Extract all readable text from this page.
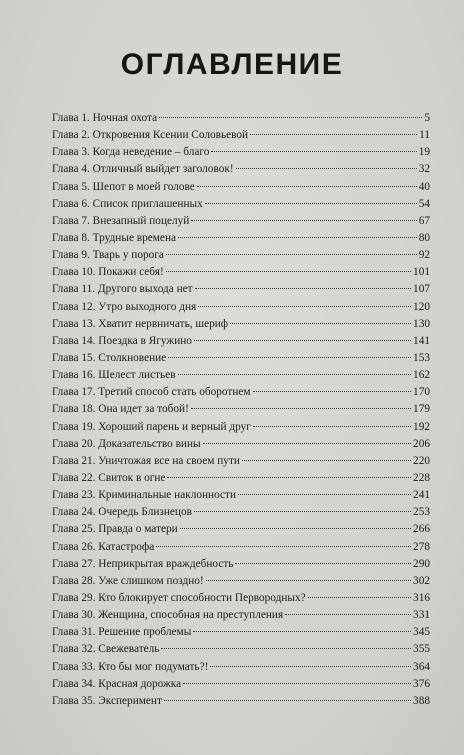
ОГЛАВЛЕНИЕ
Глава 1. Ночная охота	5
Глава 2. Откровения Ксении Соловьевой	11
Глава 3. Когда неведение – благо	19
Глава 4. Отличный выйдет заголовок!	32
Глава 5. Шепот в моей голове	40
Глава 6. Список приглашенных	54
Глава 7. Внезапный поцелуй	67
Глава 8. Трудные времена	80
Глава 9. Тварь у порога	92
Глава 10. Покажи себя!	101
Глава 11. Другого выхода нет	107
Глава 12. Утро выходного дня	120
Глава 13. Хватит нервничать, шериф	130
Глава 14. Поездка в Ягужино	141
Глава 15. Столкновение	153
Глава 16. Шелест листьев	162
Глава 17. Третий способ стать оборотнем	170
Глава 18. Она идет за тобой!	179
Глава 19. Хороший парень и верный друг	192
Глава 20. Доказательство вины	206
Глава 21. Уничтожая все на своем пути	220
Глава 22. Свиток в огне	228
Глава 23. Криминальные наклонности	241
Глава 24. Очередь Близнецов	253
Глава 25. Правда о матери	266
Глава 26. Катастрофа	278
Глава 27. Неприкрытая враждебность	290
Глава 28. Уже слишком поздно!	302
Глава 29. Кто блокирует способности Первородных?	316
Глава 30. Женщина, способная на преступления	331
Глава 31. Решение проблемы	345
Глава 32. Свежеватель	355
Глава 33. Кто бы мог подумать?!	364
Глава 34. Красная дорожка	376
Глава 35. Эксперимент	388
